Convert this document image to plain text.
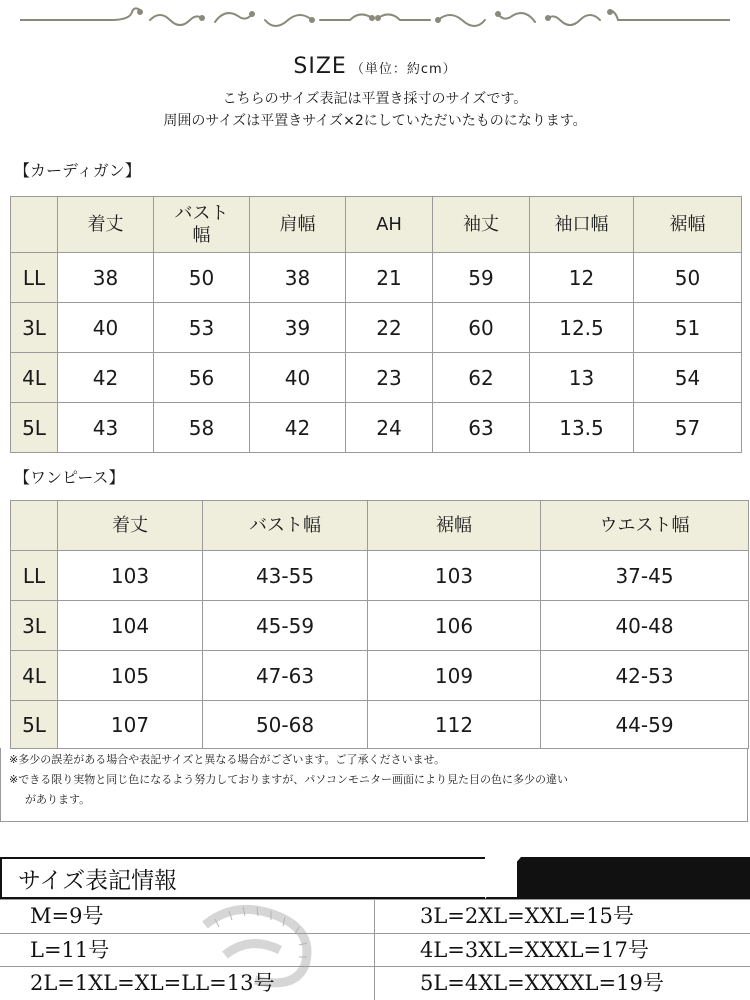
SIZE （単位：約cm）
こちらのサイズ表記は平置き採寸のサイズです。
周囲のサイズは平置きサイズ×2にしていただいたものになります。
【カーディガン】
	着丈	バスト幅	肩幅	AH	袖丈	袖口幅	裾幅
LL	38	50	38	21	59	12	50
3L	40	53	39	22	60	12.5	51
4L	42	56	40	23	62	13	54
5L	43	58	42	24	63	13.5	57
【ワンピース】
	着丈	バスト幅	裾幅	ウエスト幅
LL	103	43-55	103	37-45
3L	104	45-59	106	40-48
4L	105	47-63	109	42-53
5L	107	50-68	112	44-59

※多少の誤差がある場合や表記サイズと異なる場合がございます。ご了承くださいませ。

※できる限り実物と同じ色になるよう努力しておりますが、パソコンモニター画面により見た目の色に多少の違い

があります。

サイズ表記情報
M=9号
L=11号
2L=1XL=XL=LL=13号
3L=2XL=XXL=15号
4L=3XL=XXXL=17号
5L=4XL=XXXXL=19号
